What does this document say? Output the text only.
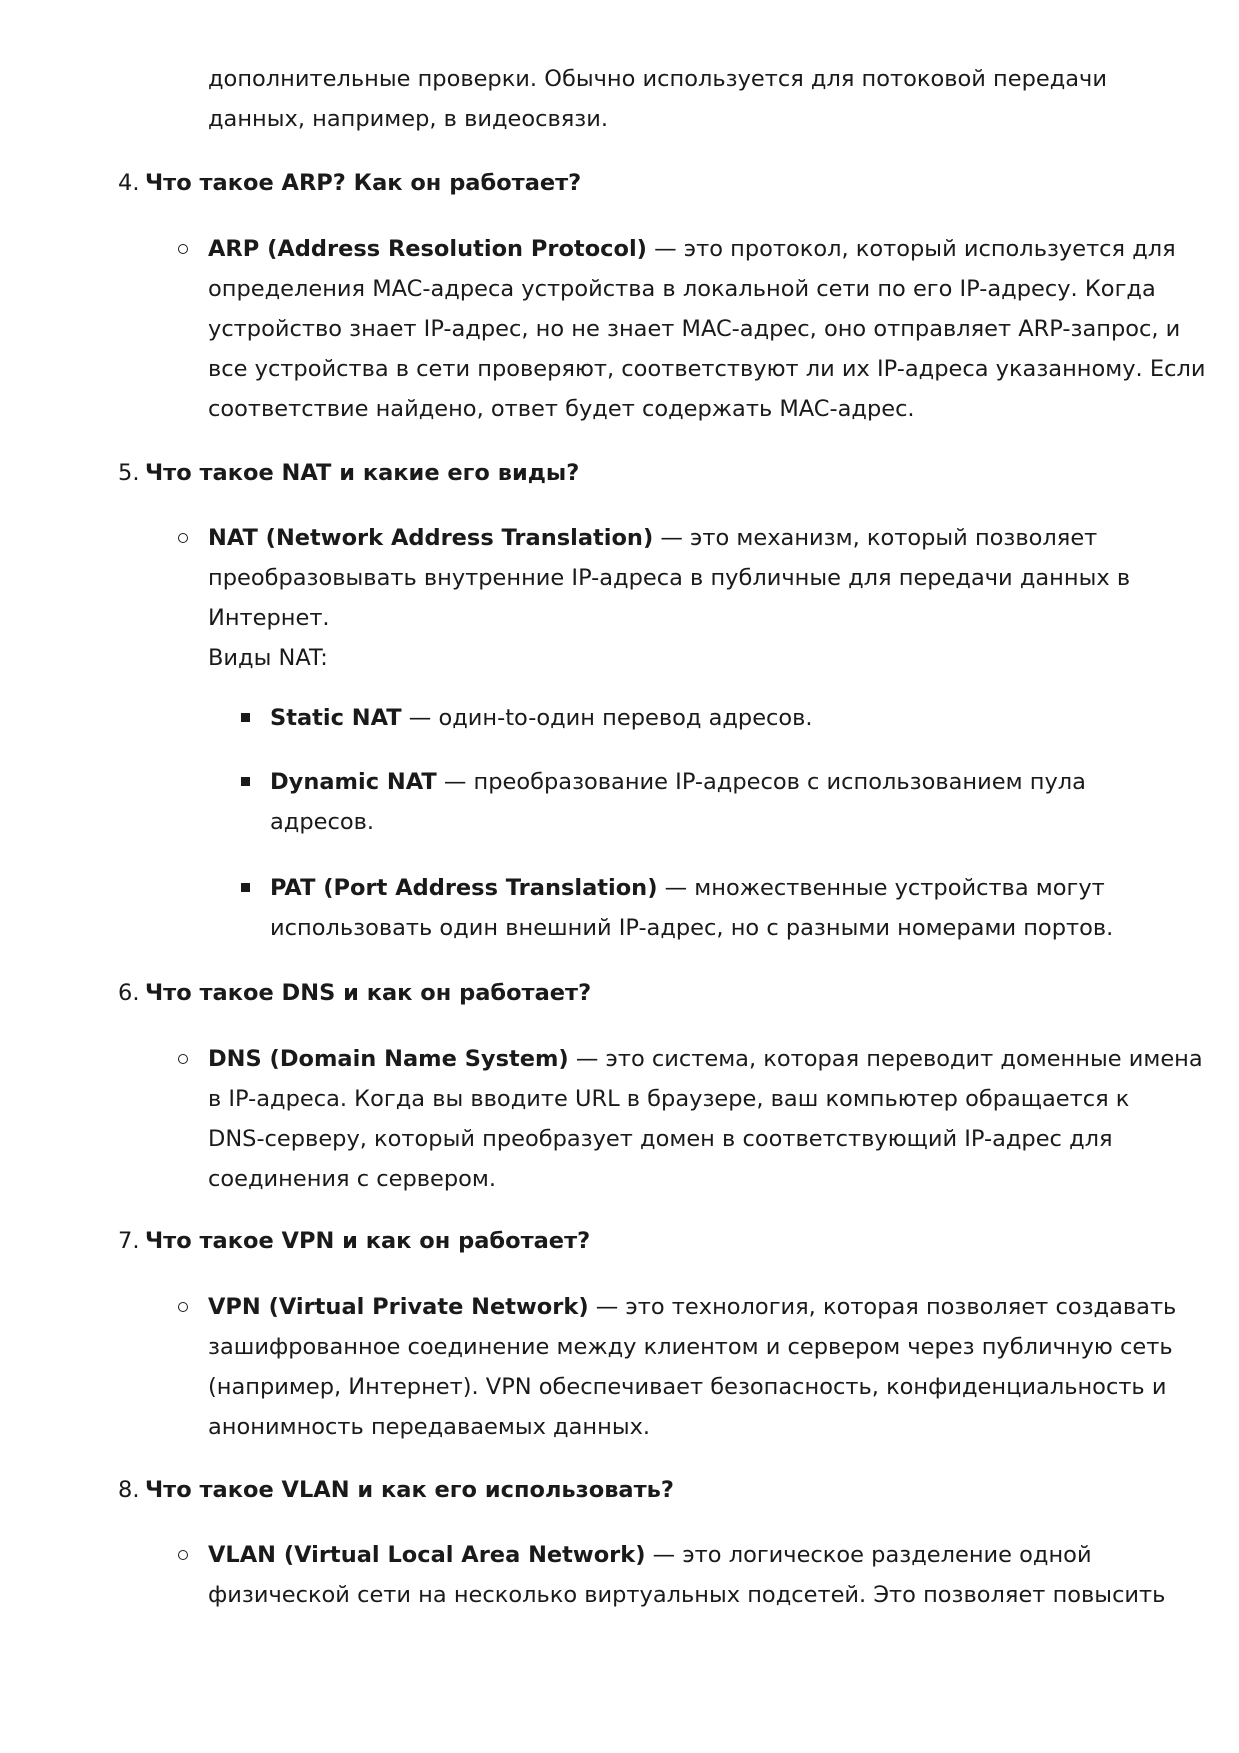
дополнительные проверки. Обычно используется для потоковой передачи
данных, например, в видеосвязи.
4. Что такое ARP? Как он работает?
ARP (Address Resolution Protocol) — это протокол, который используется для
определения MAC-адреса устройства в локальной сети по его IP-адресу. Когда
устройство знает IP-адрес, но не знает MAC-адрес, оно отправляет ARP-запрос, и
все устройства в сети проверяют, соответствуют ли их IP-адреса указанному. Если
соответствие найдено, ответ будет содержать MAC-адрес.
5. Что такое NAT и какие его виды?
NAT (Network Address Translation) — это механизм, который позволяет
преобразовывать внутренние IP-адреса в публичные для передачи данных в
Интернет.
Виды NAT:
Static NAT — один-to-один перевод адресов.
Dynamic NAT — преобразование IP-адресов с использованием пула
адресов.
PAT (Port Address Translation) — множественные устройства могут
использовать один внешний IP-адрес, но с разными номерами портов.
6. Что такое DNS и как он работает?
DNS (Domain Name System) — это система, которая переводит доменные имена
в IP-адреса. Когда вы вводите URL в браузере, ваш компьютер обращается к
DNS-серверу, который преобразует домен в соответствующий IP-адрес для
соединения с сервером.
7. Что такое VPN и как он работает?
VPN (Virtual Private Network) — это технология, которая позволяет создавать
зашифрованное соединение между клиентом и сервером через публичную сеть
(например, Интернет). VPN обеспечивает безопасность, конфиденциальность и
анонимность передаваемых данных.
8. Что такое VLAN и как его использовать?
VLAN (Virtual Local Area Network) — это логическое разделение одной
физической сети на несколько виртуальных подсетей. Это позволяет повысить
